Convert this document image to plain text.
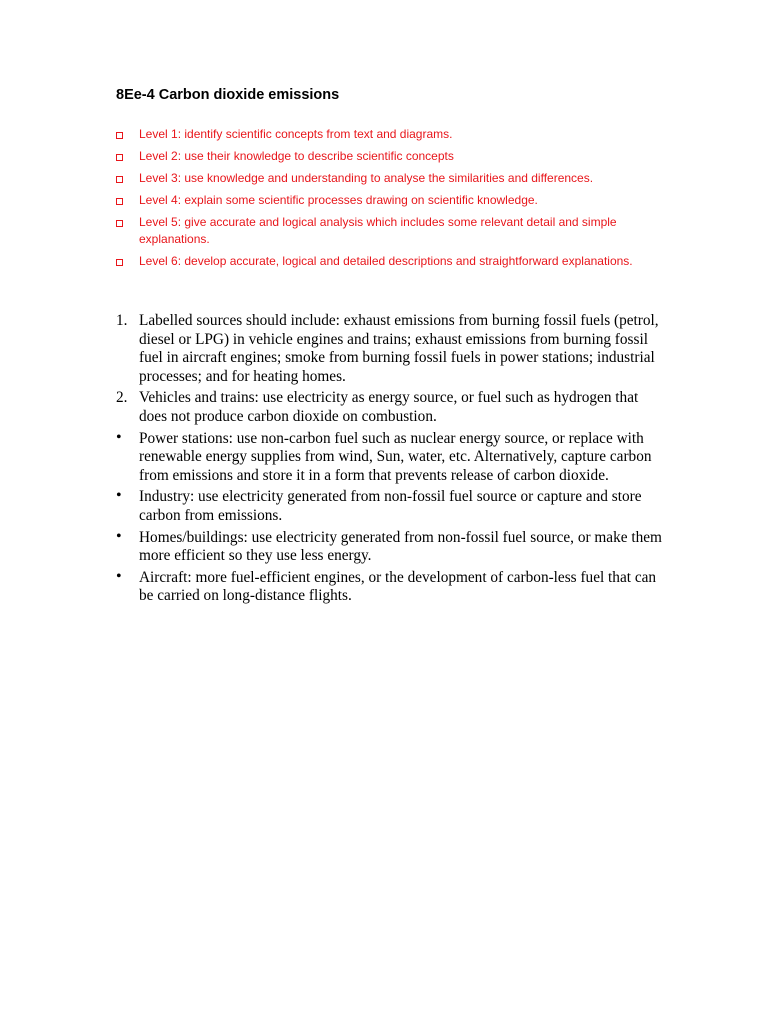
8Ee-4 Carbon dioxide emissions
Level 1: identify scientific concepts from text and diagrams.
Level 2: use their knowledge to describe scientific concepts
Level 3: use knowledge and understanding to analyse the similarities and differences.
Level 4: explain some scientific processes drawing on scientific knowledge.
Level 5: give accurate and logical analysis which includes some relevant detail and simple explanations.
Level 6: develop accurate, logical and detailed descriptions and straightforward explanations.
1. Labelled sources should include: exhaust emissions from burning fossil fuels (petrol, diesel or LPG) in vehicle engines and trains; exhaust emissions from burning fossil fuel in aircraft engines; smoke from burning fossil fuels in power stations; industrial processes; and for heating homes.
2. Vehicles and trains: use electricity as energy source, or fuel such as hydrogen that does not produce carbon dioxide on combustion.
• Power stations: use non-carbon fuel such as nuclear energy source, or replace with renewable energy supplies from wind, Sun, water, etc. Alternatively, capture carbon from emissions and store it in a form that prevents release of carbon dioxide.
• Industry: use electricity generated from non-fossil fuel source or capture and store carbon from emissions.
• Homes/buildings: use electricity generated from non-fossil fuel source, or make them more efficient so they use less energy.
• Aircraft: more fuel-efficient engines, or the development of carbon-less fuel that can be carried on long-distance flights.
